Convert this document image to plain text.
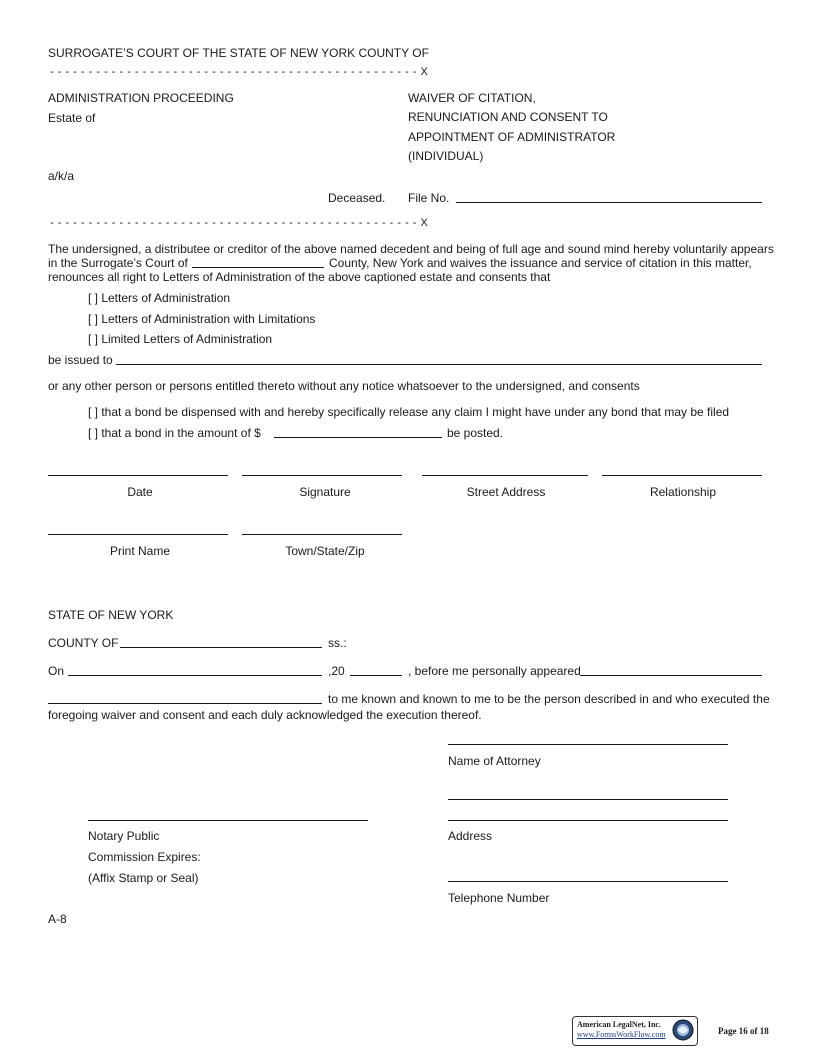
SURROGATE’S COURT OF THE STATE OF NEW YORK COUNTY OF
- - - - - - - - - - - - - - - - - - - - - - - - - - - - - - - - - - - - - - - - - - - - - - - - X
ADMINISTRATION PROCEEDING
Estate of
a/k/a
Deceased.
WAIVER OF CITATION,
RENUNCIATION AND CONSENT TO
APPOINTMENT OF ADMINISTRATOR
(INDIVIDUAL)
File No.
- - - - - - - - - - - - - - - - - - - - - - - - - - - - - - - - - - - - - - - - - - - - - - - - X
The undersigned, a distributee or creditor of the above named decedent and being of full age and sound mind hereby voluntarily appears
in the Surrogate’s Court of	County, New York and waives the issuance and service of citation in this matter,
renounces all right to Letters of Administration of the above captioned estate and consents that
[ ] Letters of Administration
[ ] Letters of Administration with Limitations
[ ] Limited Letters of Administration
be issued to
or any other person or persons entitled thereto without any notice whatsoever to the undersigned, and consents
[ ] that a bond be dispensed with and hereby specifically release any claim I might have under any bond that may be filed
[ ] that a bond in the amount of $	be posted.
Date	Signature	Street Address	Relationship
Print Name	Town/State/Zip
STATE OF NEW YORK
COUNTY OF	ss.:
On	,20	, before me personally appeared
to me known and known to me to be the person described in and who executed the
foregoing waiver and consent and each duly acknowledged the execution thereof.
Name of Attorney
Address
Telephone Number
Notary Public
Commission Expires:
(Affix Stamp or Seal)
A-8
American LegalNet, Inc.
www.FormsWorkFlow.com	Page 16 of 18
